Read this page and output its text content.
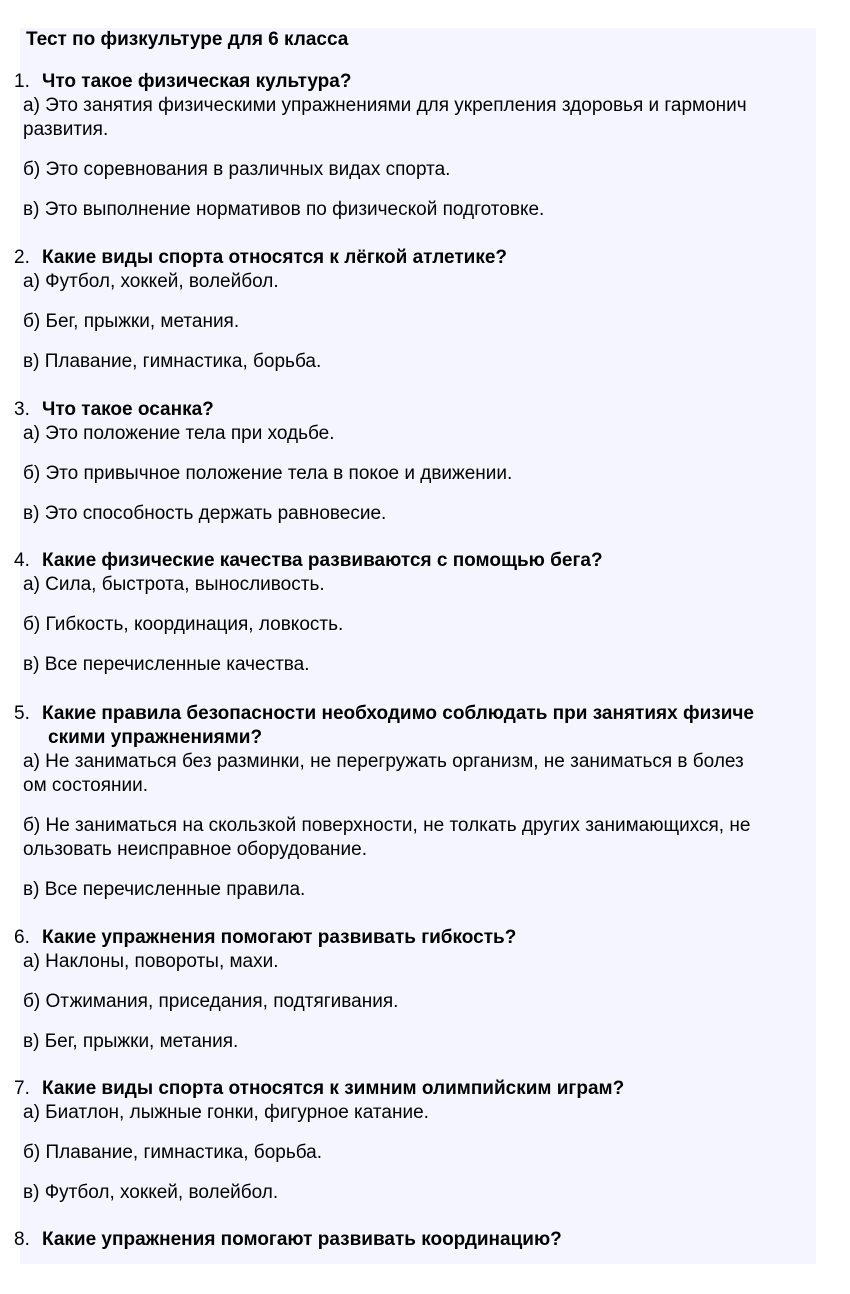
Тест по физкультуре для 6 класса
1. Что такое физическая культура?
а) Это занятия физическими упражнениями для укрепления здоровья и гармонич
развития.
б) Это соревнования в различных видах спорта.
в) Это выполнение нормативов по физической подготовке.
2. Какие виды спорта относятся к лёгкой атлетике?
а) Футбол, хоккей, волейбол.
б) Бег, прыжки, метания.
в) Плавание, гимнастика, борьба.
3. Что такое осанка?
а) Это положение тела при ходьбе.
б) Это привычное положение тела в покое и движении.
в) Это способность держать равновесие.
4. Какие физические качества развиваются с помощью бега?
а) Сила, быстрота, выносливость.
б) Гибкость, координация, ловкость.
в) Все перечисленные качества.
5. Какие правила безопасности необходимо соблюдать при занятиях физиче
скими упражнениями?
а) Не заниматься без разминки, не перегружать организм, не заниматься в болез
ом состоянии.
б) Не заниматься на скользкой поверхности, не толкать других занимающихся, не
ользовать неисправное оборудование.
в) Все перечисленные правила.
6. Какие упражнения помогают развивать гибкость?
а) Наклоны, повороты, махи.
б) Отжимания, приседания, подтягивания.
в) Бег, прыжки, метания.
7. Какие виды спорта относятся к зимним олимпийским играм?
а) Биатлон, лыжные гонки, фигурное катание.
б) Плавание, гимнастика, борьба.
в) Футбол, хоккей, волейбол.
8. Какие упражнения помогают развивать координацию?
